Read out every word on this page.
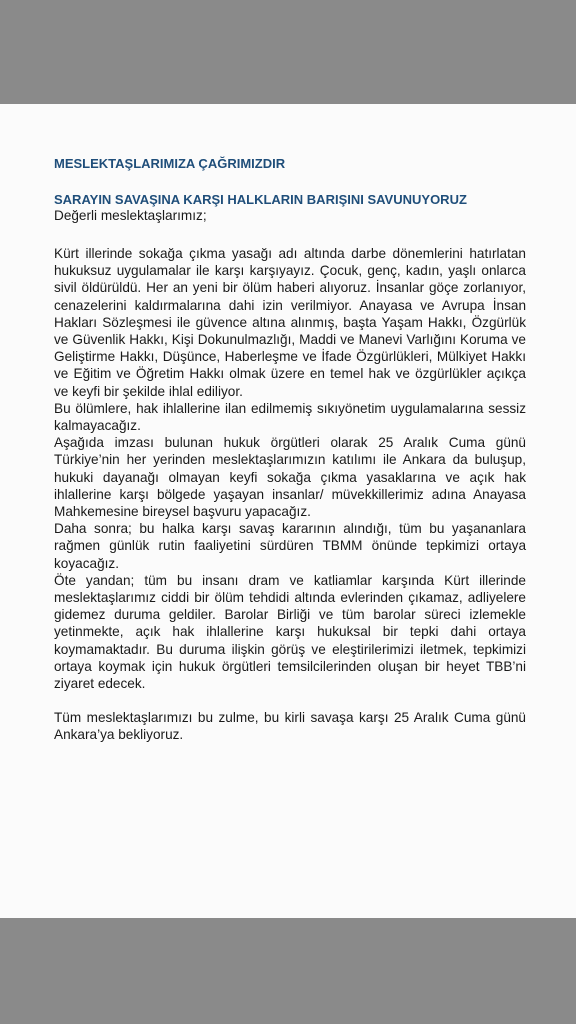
MESLEKTAŞLARIMIZA ÇAĞRIMIZDIR

SARAYIN SAVAŞINA KARŞI HALKLARIN BARIŞINI SAVUNUYORUZ

Değerli meslektaşlarımız;

Kürt illerinde sokağa çıkma yasağı adı altında darbe dönemlerini hatırlatan hukuksuz uygulamalar ile karşı karşıyayız. Çocuk, genç, kadın, yaşlı onlarca sivil öldürüldü. Her an yeni bir ölüm haberi alıyoruz. İnsanlar göçe zorlanıyor, cenazelerini kaldırmalarına dahi izin verilmiyor. Anayasa ve Avrupa İnsan Hakları Sözleşmesi ile güvence altına alınmış, başta Yaşam Hakkı, Özgürlük ve Güvenlik Hakkı, Kişi Dokunulmazlığı, Maddi ve Manevi Varlığını Koruma ve Geliştirme Hakkı, Düşünce, Haberleşme ve İfade Özgürlükleri, Mülkiyet Hakkı ve Eğitim ve Öğretim Hakkı olmak üzere en temel hak ve özgürlükler açıkça ve keyfi bir şekilde ihlal ediliyor.

Bu ölümlere, hak ihlallerine ilan edilmemiş sıkıyönetim uygulamalarına sessiz kalmayacağız.

Aşağıda imzası bulunan hukuk örgütleri olarak 25 Aralık Cuma günü Türkiye’nin her yerinden meslektaşlarımızın katılımı ile Ankara da buluşup, hukuki dayanağı olmayan keyfi sokağa çıkma yasaklarına ve açık hak ihlallerine karşı bölgede yaşayan insanlar/ müvekkillerimiz adına Anayasa Mahkemesine bireysel başvuru yapacağız.

Daha sonra; bu halka karşı savaş kararının alındığı, tüm bu yaşananlara rağmen günlük rutin faaliyetini sürdüren TBMM önünde tepkimizi ortaya koyacağız.

Öte yandan; tüm bu insanı dram ve katliamlar karşında Kürt illerinde meslektaşlarımız ciddi bir ölüm tehdidi altında evlerinden çıkamaz, adliyelere gidemez duruma geldiler. Barolar Birliği ve tüm barolar süreci izlemekle yetinmekte, açık hak ihlallerine karşı hukuksal bir tepki dahi ortaya koymamaktadır. Bu duruma ilişkin görüş ve eleştirilerimizi iletmek, tepkimizi ortaya koymak için hukuk örgütleri temsilcilerinden oluşan bir heyet TBB’ni ziyaret edecek.

Tüm meslektaşlarımızı bu zulme, bu kirli savaşa karşı 25 Aralık Cuma günü Ankara’ya bekliyoruz.
